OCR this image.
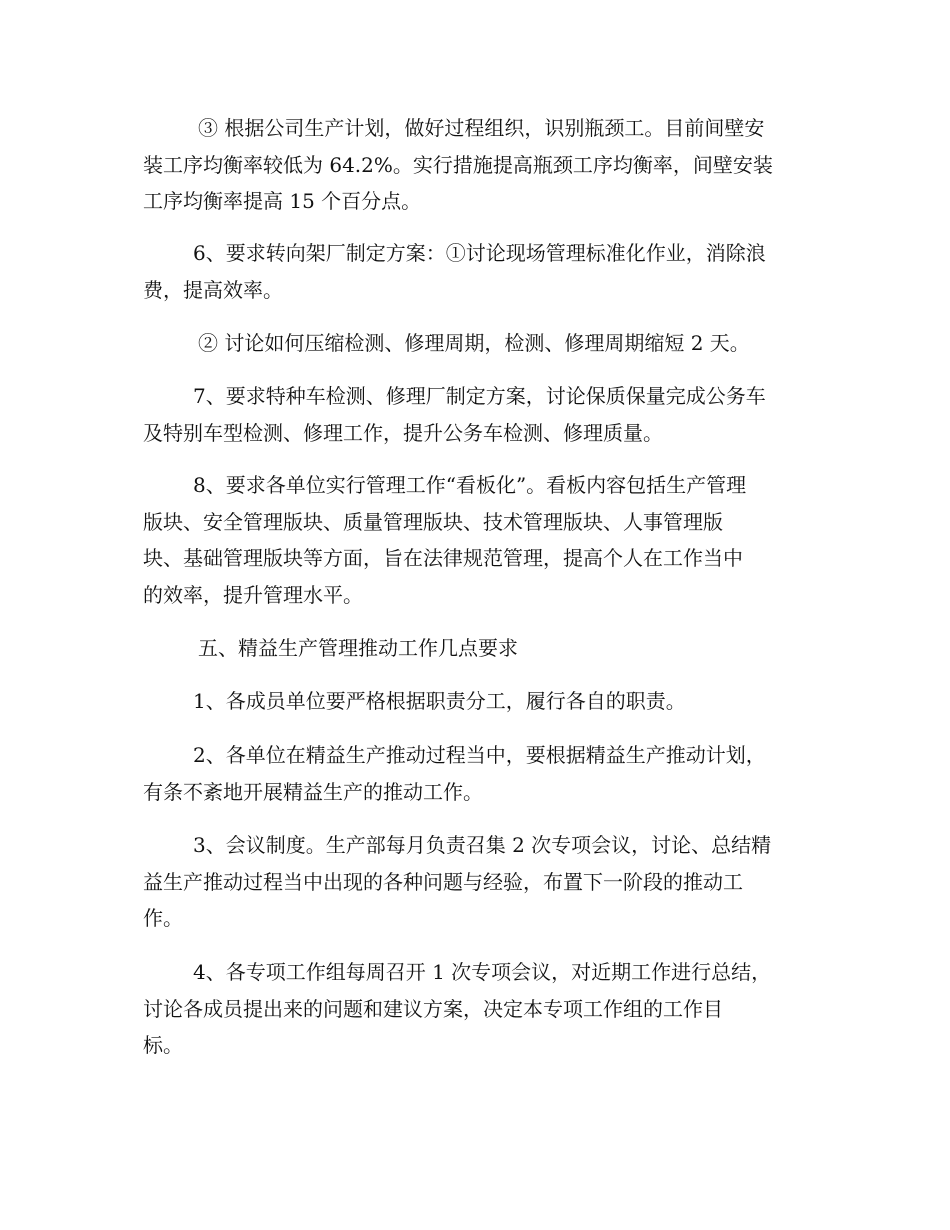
③ 根据公司生产计划，做好过程组织，识别瓶颈工。目前间壁安
装工序均衡率较低为 64.2%。实行措施提高瓶颈工序均衡率，间壁安装
工序均衡率提高 15 个百分点。
6、要求转向架厂制定方案：①讨论现场管理标准化作业，消除浪
费，提高效率。
② 讨论如何压缩检测、修理周期，检测、修理周期缩短 2 天。
7、要求特种车检测、修理厂制定方案，讨论保质保量完成公务车
及特别车型检测、修理工作，提升公务车检测、修理质量。
8、要求各单位实行管理工作“看板化”。看板内容包括生产管理
版块、安全管理版块、质量管理版块、技术管理版块、人事管理版
块、基础管理版块等方面，旨在法律规范管理，提高个人在工作当中
的效率，提升管理水平。
五、精益生产管理推动工作几点要求
1、各成员单位要严格根据职责分工，履行各自的职责。
2、各单位在精益生产推动过程当中，要根据精益生产推动计划，
有条不紊地开展精益生产的推动工作。
3、会议制度。生产部每月负责召集 2 次专项会议，讨论、总结精
益生产推动过程当中出现的各种问题与经验，布置下一阶段的推动工
作。
4、各专项工作组每周召开 1 次专项会议，对近期工作进行总结，
讨论各成员提出来的问题和建议方案，决定本专项工作组的工作目
标。
